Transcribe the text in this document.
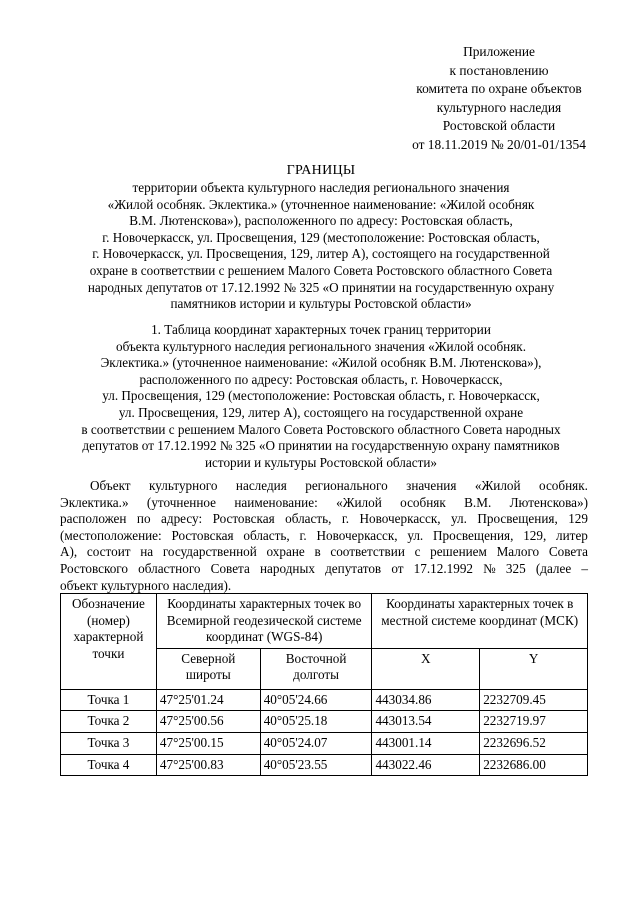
Приложение
к постановлению
комитета по охране объектов
культурного наследия
Ростовской области
от 18.11.2019 № 20/01-01/1354
ГРАНИЦЫ
территории объекта культурного наследия регионального значения
«Жилой особняк. Эклектика.» (уточненное наименование: «Жилой особняк
В.М. Лютенскова»), расположенного по адресу: Ростовская область,
г. Новочеркасск, ул. Просвещения, 129 (местоположение: Ростовская область,
г. Новочеркасск, ул. Просвещения, 129, литер А), состоящего на государственной
охране в соответствии с решением Малого Совета Ростовского областного Совета
народных депутатов от 17.12.1992 № 325 «О принятии на государственную охрану
памятников истории и культуры Ростовской области»
1. Таблица координат характерных точек границ территории
объекта культурного наследия регионального значения «Жилой особняк.
Эклектика.» (уточненное наименование: «Жилой особняк В.М. Лютенскова»),
расположенного по адресу: Ростовская область, г. Новочеркасск,
ул. Просвещения, 129 (местоположение: Ростовская область, г. Новочеркасск,
ул. Просвещения, 129, литер А), состоящего на государственной охране
в соответствии с решением Малого Совета Ростовского областного Совета народных
депутатов от 17.12.1992 № 325 «О принятии на государственную охрану памятников
истории и культуры Ростовской области»
Объект культурного наследия регионального значения «Жилой особняк.
Эклектика.» (уточненное наименование: «Жилой особняк В.М. Лютенскова»)
расположен по адресу: Ростовская область, г. Новочеркасск, ул. Просвещения, 129
(местоположение: Ростовская область, г. Новочеркасск, ул. Просвещения, 129, литер
А), состоит на государственной охране в соответствии с решением Малого Совета
Ростовского областного Совета народных депутатов от 17.12.1992 № 325 (далее –
объект культурного наследия).
Обозначение (номер) характерной точки	Координаты характерных точек во Всемирной геодезической системе координат (WGS-84)		Координаты характерных точек в местной системе координат (МСК)	
	Северной широты	Восточной долготы	X	Y
Точка 1	47°25'01.24	40°05'24.66	443034.86	2232709.45
Точка 2	47°25'00.56	40°05'25.18	443013.54	2232719.97
Точка 3	47°25'00.15	40°05'24.07	443001.14	2232696.52
Точка 4	47°25'00.83	40°05'23.55	443022.46	2232686.00
